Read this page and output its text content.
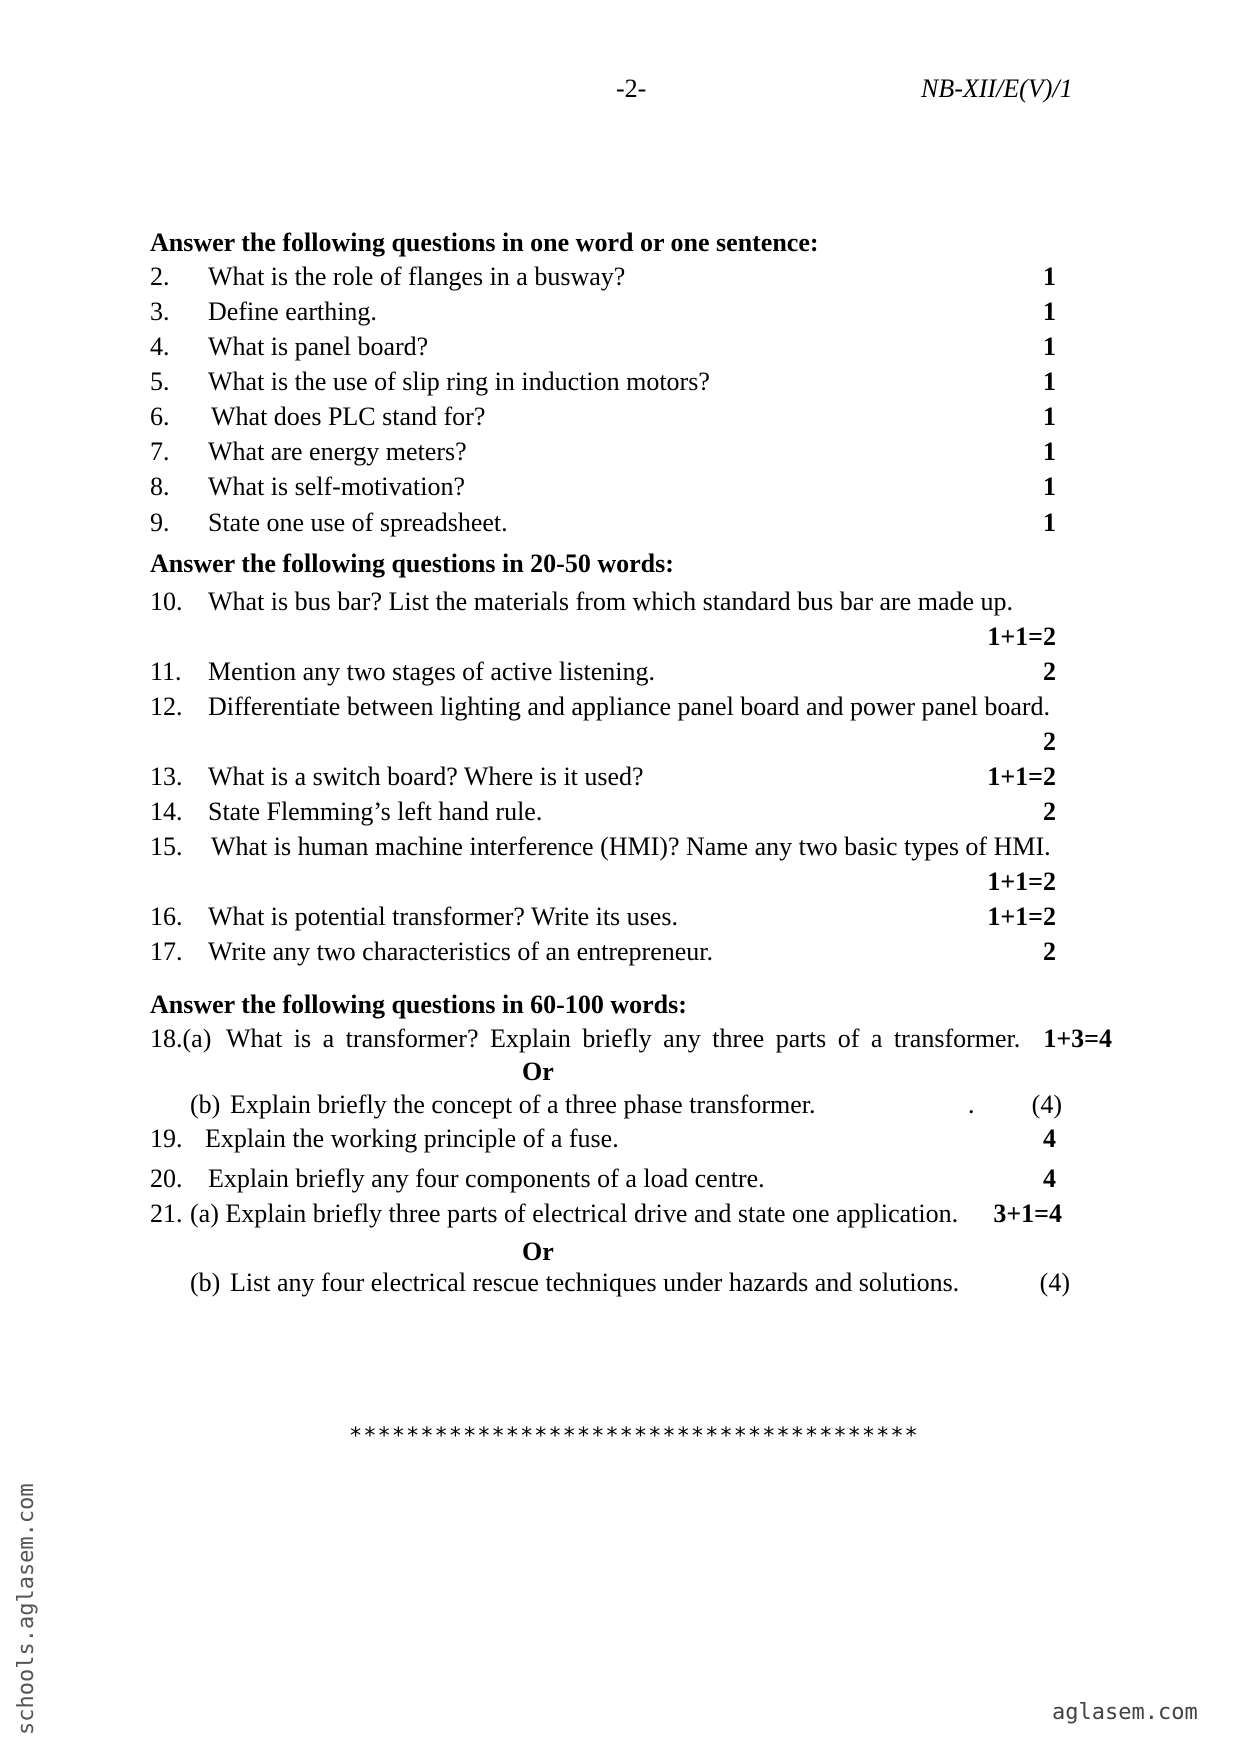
-2-	NB-XII/E(V)/1
Answer the following questions in one word or one sentence:
2. What is the role of flanges in a busway?	1
3. Define earthing.	1
4. What is panel board?	1
5. What is the use of slip ring in induction motors?	1
6. What does PLC stand for?	1
7. What are energy meters?	1
8. What is self-motivation?	1
9. State one use of spreadsheet.	1
Answer the following questions in 20-50 words:
10. What is bus bar? List the materials from which standard bus bar are made up.
1+1=2
11. Mention any two stages of active listening.	2
12. Differentiate between lighting and appliance panel board and power panel board.
2
13. What is a switch board? Where is it used?	1+1=2
14. State Flemming’s left hand rule.	2
15. What is human machine interference (HMI)? Name any two basic types of HMI.
1+1=2
16. What is potential transformer? Write its uses.	1+1=2
17. Write any two characteristics of an entrepreneur.	2
Answer the following questions in 60-100 words:
18.(a) What is a transformer? Explain briefly any three parts of a transformer. 1+3=4
Or
(b) Explain briefly the concept of a three phase transformer.	.	(4)
19. Explain the working principle of a fuse.	4
20. Explain briefly any four components of a load centre.	4
21. (a) Explain briefly three parts of electrical drive and state one application.	3+1=4
Or
(b) List any four electrical rescue techniques under hazards and solutions.	(4)
****************************************
schools.aglasem.com	aglasem.com
